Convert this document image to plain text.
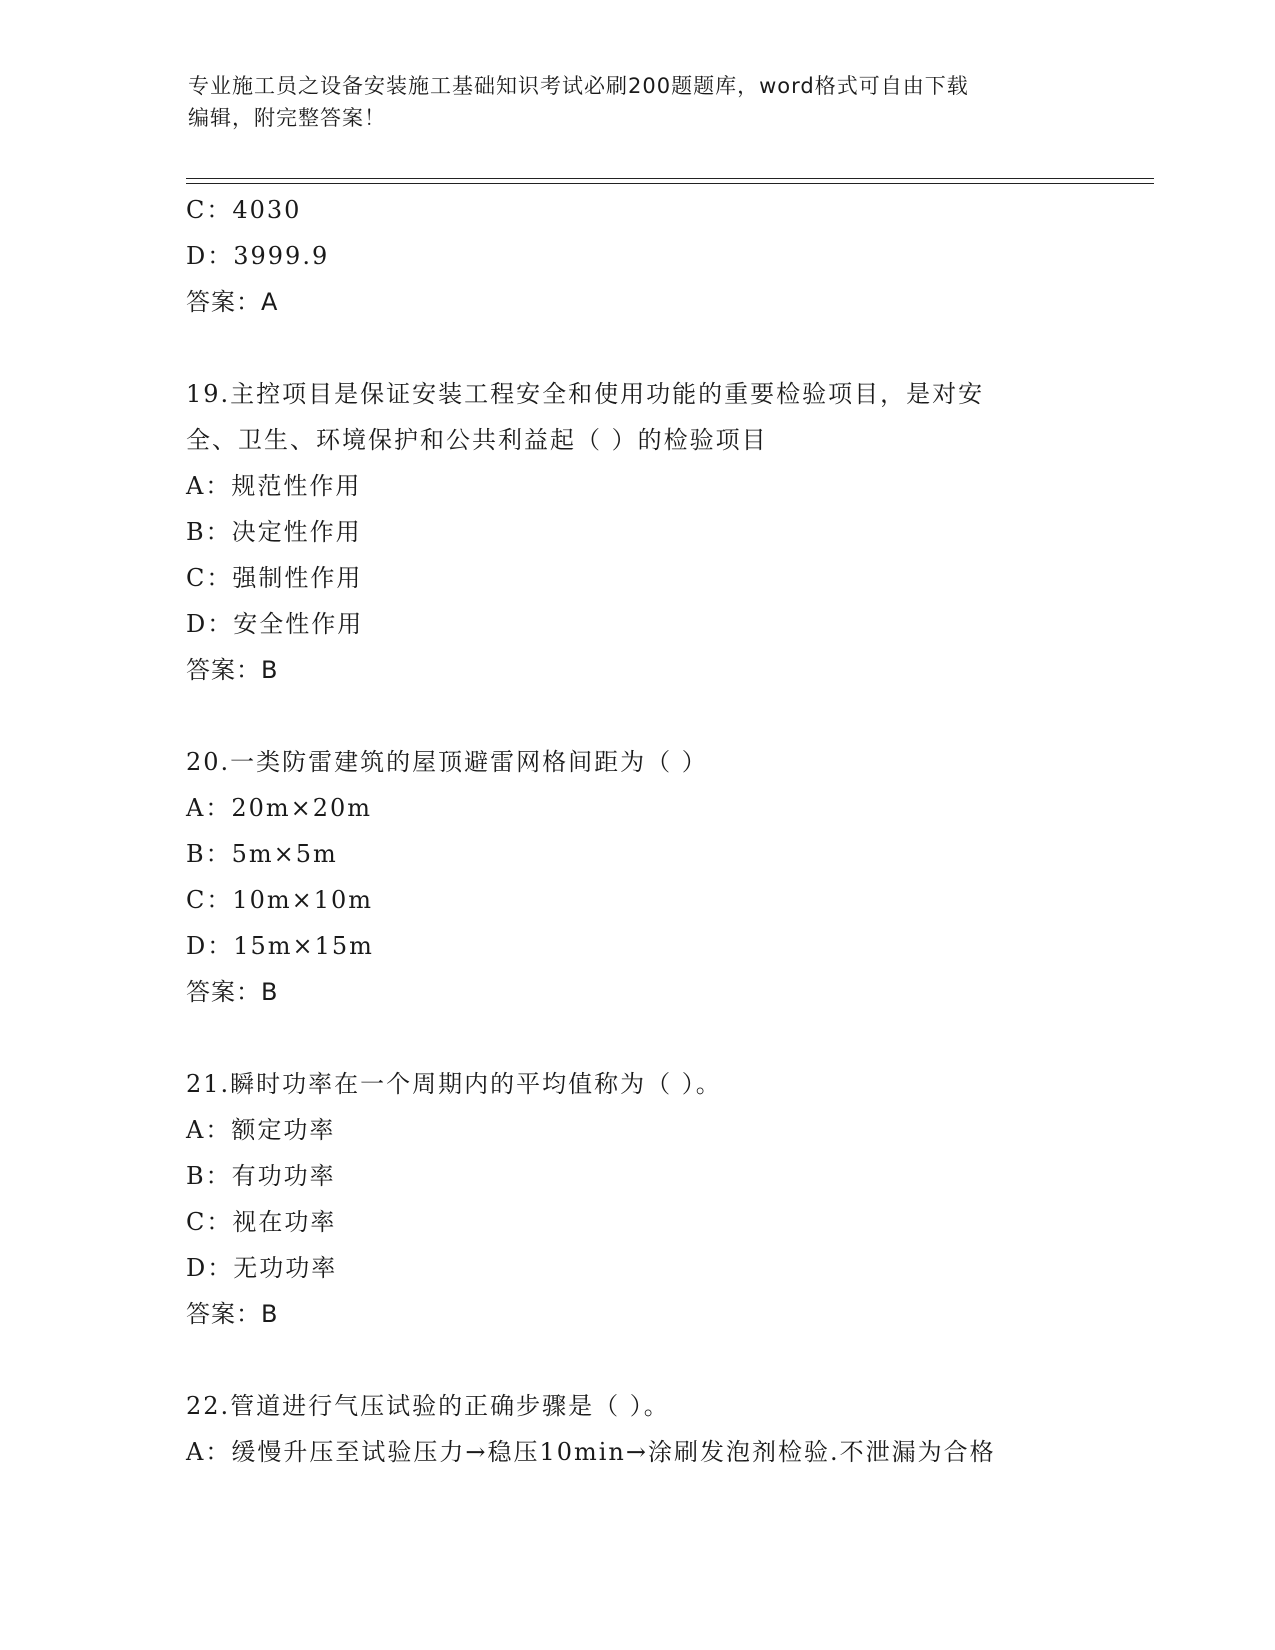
专业施工员之设备安装施工基础知识考试必刷200题题库，word格式可自由下载
编辑，附完整答案！
C：4030
D：3999.9
答案：A
19.主控项目是保证安装工程安全和使用功能的重要检验项目，是对安
全、卫生、环境保护和公共利益起（ ）的检验项目
A：规范性作用
B：决定性作用
C：强制性作用
D：安全性作用
答案：B
20.一类防雷建筑的屋顶避雷网格间距为（ ）
A：20m×20m
B：5m×5m
C：10m×10m
D：15m×15m
答案：B
21.瞬时功率在一个周期内的平均值称为（ ）。
A：额定功率
B：有功功率
C：视在功率
D：无功功率
答案：B
22.管道进行气压试验的正确步骤是（ ）。
A：缓慢升压至试验压力→稳压10min→涂刷发泡剂检验.不泄漏为合格
